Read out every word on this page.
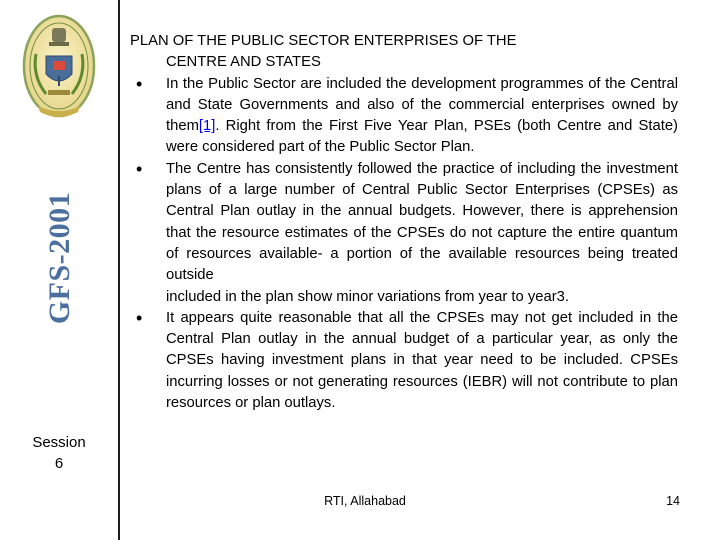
GFS-2001
Session
6
PLAN OF THE PUBLIC SECTOR ENTERPRISES OF THE
CENTRE AND STATES
• In the Public Sector are included the development programmes of the Central and State Governments and also of the commercial enterprises owned by them[1]. Right from the First Five Year Plan, PSEs (both Centre and State) were considered part of the Public Sector Plan.
• The Centre has consistently followed the practice of including the investment plans of a large number of Central Public Sector Enterprises (CPSEs) as Central Plan outlay in the annual budgets. However, there is apprehension that the resource estimates of the CPSEs do not capture the entire quantum of resources available- a portion of the available resources being treated outside
included in the plan show minor variations from year to year3.
• It appears quite reasonable that all the CPSEs may not get included in the Central Plan outlay in the annual budget of a particular year, as only the CPSEs having investment plans in that year need to be included. CPSEs incurring losses or not generating resources (IEBR) will not contribute to plan resources or plan outlays.
RTI, Allahabad	14
